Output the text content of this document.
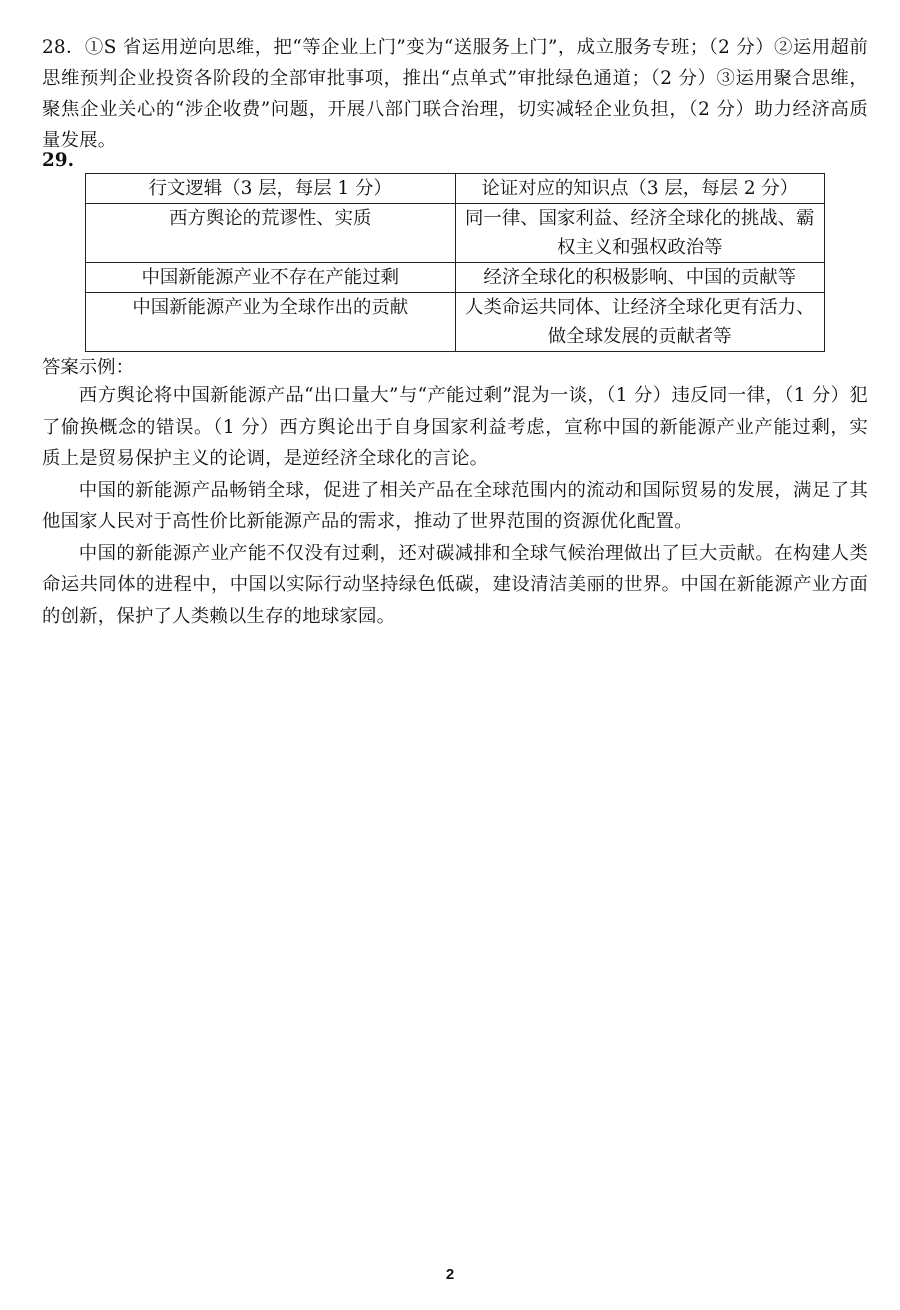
28．①S 省运用逆向思维，把“等企业上门”变为“送服务上门”，成立服务专班；（2 分）②运用超前思维预判企业投资各阶段的全部审批事项，推出“点单式”审批绿色通道；（2 分）③运用聚合思维，聚焦企业关心的“涉企收费”问题，开展八部门联合治理，切实减轻企业负担，（2 分）助力经济高质量发展。
29.
行文逻辑（3 层，每层 1 分）	论证对应的知识点（3 层，每层 2 分）
西方舆论的荒谬性、实质	同一律、国家利益、经济全球化的挑战、霸权主义和强权政治等
中国新能源产业不存在产能过剩	经济全球化的积极影响、中国的贡献等
中国新能源产业为全球作出的贡献	人类命运共同体、让经济全球化更有活力、做全球发展的贡献者等
答案示例：

西方舆论将中国新能源产品“出口量大”与“产能过剩”混为一谈，（1 分）违反同一律，（1 分）犯了偷换概念的错误。（1 分）西方舆论出于自身国家利益考虑，宣称中国的新能源产业产能过剩，实质上是贸易保护主义的论调，是逆经济全球化的言论。

中国的新能源产品畅销全球，促进了相关产品在全球范围内的流动和国际贸易的发展，满足了其他国家人民对于高性价比新能源产品的需求，推动了世界范围的资源优化配置。

中国的新能源产业产能不仅没有过剩，还对碳减排和全球气候治理做出了巨大贡献。在构建人类命运共同体的进程中，中国以实际行动坚持绿色低碳，建设清洁美丽的世界。中国在新能源产业方面的创新，保护了人类赖以生存的地球家园。

2
